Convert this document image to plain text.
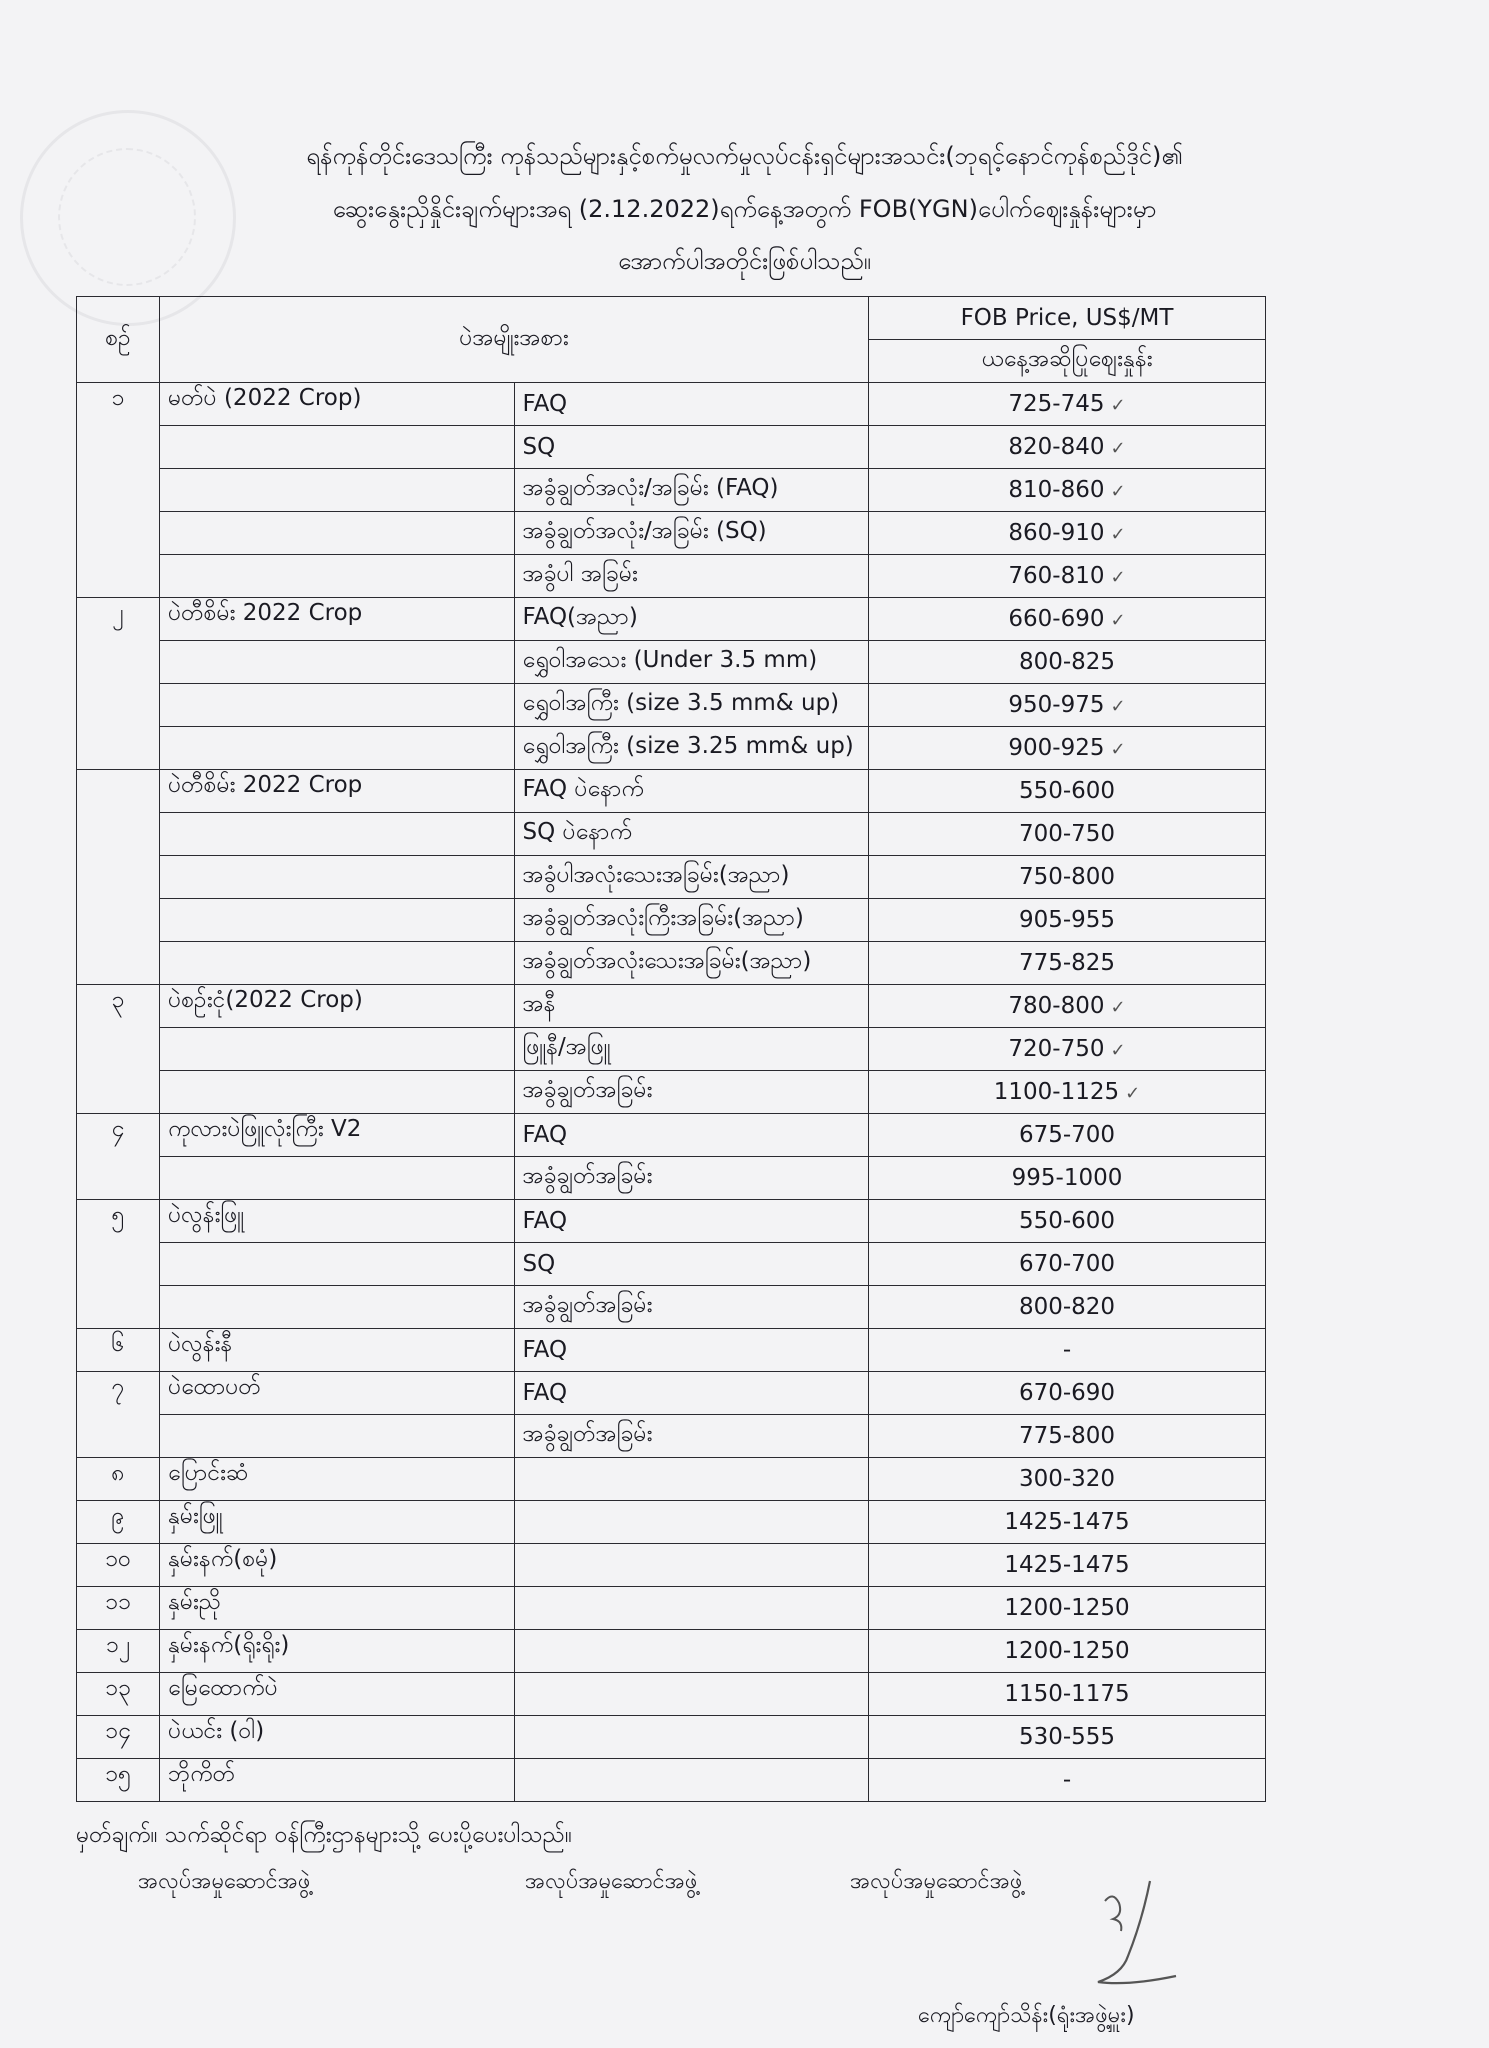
ရန်ကုန်တိုင်းဒေသကြီး ကုန်သည်များနှင့်စက်မှုလက်မှုလုပ်ငန်းရှင်များအသင်း(ဘုရင့်နောင်ကုန်စည်ဒိုင်)၏
ဆွေးနွေးညှိနှိုင်းချက်များအရ (2.12.2022)ရက်နေ့အတွက် FOB(YGN)ပေါက်ဈေးနှုန်းများမှာ
အောက်ပါအတိုင်းဖြစ်ပါသည်။
စဉ်	ပဲအမျိုးအစား		FOB Price, US$/MT
			ယနေ့အဆိုပြုဈေးနှုန်း
၁	မတ်ပဲ (2022 Crop)	FAQ	725-745 ✓
		SQ	820-840 ✓
		အခွံချွတ်အလုံး/အခြမ်း (FAQ)	810-860 ✓
		အခွံချွတ်အလုံး/အခြမ်း (SQ)	860-910 ✓
		အခွံပါ အခြမ်း	760-810 ✓
၂	ပဲတီစိမ်း 2022 Crop	FAQ(အညာ)	660-690 ✓
		ရွှေဝါအသေး (Under 3.5 mm)	800-825
		ရွှေဝါအကြီး (size 3.5 mm& up)	950-975 ✓
		ရွှေဝါအကြီး (size 3.25 mm& up)	900-925 ✓
	ပဲတီစိမ်း 2022 Crop	FAQ ပဲနောက်	550-600
		SQ ပဲနောက်	700-750
		အခွံပါအလုံးသေးအခြမ်း(အညာ)	750-800
		အခွံချွတ်အလုံးကြီးအခြမ်း(အညာ)	905-955
		အခွံချွတ်အလုံးသေးအခြမ်း(အညာ)	775-825
၃	ပဲစဉ်းငုံ(2022 Crop)	အနီ	780-800 ✓
		ဖြူနီ/အဖြူ	720-750 ✓
		အခွံချွတ်အခြမ်း	1100-1125 ✓
၄	ကုလားပဲဖြူလုံးကြီး V2	FAQ	675-700
		အခွံချွတ်အခြမ်း	995-1000
၅	ပဲလွန်းဖြူ	FAQ	550-600
		SQ	670-700
		အခွံချွတ်အခြမ်း	800-820
၆	ပဲလွန်းနီ	FAQ	-
၇	ပဲထောပတ်	FAQ	670-690
		အခွံချွတ်အခြမ်း	775-800
၈	ပြောင်းဆံ		300-320
၉	နှမ်းဖြူ		1425-1475
၁၀	နှမ်းနက်(စမုံ)		1425-1475
၁၁	နှမ်းညို		1200-1250
၁၂	နှမ်းနက်(ရိုးရိုး)		1200-1250
၁၃	မြေထောက်ပဲ		1150-1175
၁၄	ပဲယင်း (ဝါ)		530-555
၁၅	ဘိုကိတ်		-
မှတ်ချက်။ သက်ဆိုင်ရာ ဝန်ကြီးဌာနများသို့ ပေးပို့ပေးပါသည်။
အလုပ်အမှုဆောင်အဖွဲ့	အလုပ်အမှုဆောင်အဖွဲ့	အလုပ်အမှုဆောင်အဖွဲ့
ကျော်ကျော်သိန်း(ရုံးအဖွဲ့မှူး)
